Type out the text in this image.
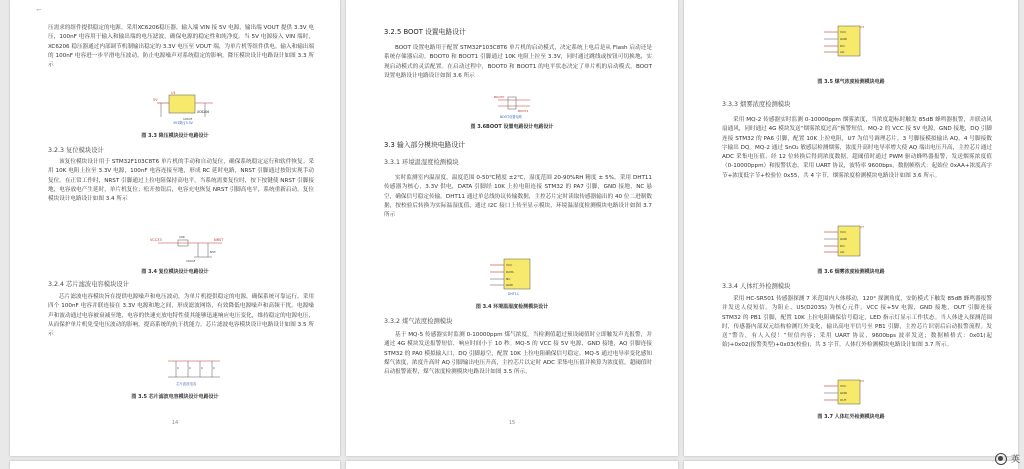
⌐

压需求的组件提供稳定的电源。采用XC6206稳压器，输入端 VIN 接 5V 电源，输出端 VOUT 提供 3.3V 电压，100nF 电容用于输入和输出端的电压滤波，确保电源的稳定性和纯净度。当 5V 电源接入 VIN 端时，XC6206 稳压器通过内部调节机制输出稳定的 3.3V 电压至 VOUT 端，为单片机等组件供电。输入和输出端的 100nF 电容进一步平滑电压波动，防止电源噪声对系统稳定的影响。降压模块设计电路设计如图 3.3 所示

U1
5V
XC6206
100nF
3V3降压3.3V
图 3.3 降压模块设计电路设计
3.2.3 复位模块设计

该复位模块设计用于 STM32F103C8T6 单片机的手动和自动复位，确保系统稳定运行和软件恢复。采用 10K 电阻上拉至 3.3V 电源，100nF 电容连接至地，形成 RC 延时电路，NRST 引脚通过按钮实现手动复位。在正常工作时，NRST 引脚通过上拉电阻保持高电平，当系统需要复位时，按下按键使 NRST 引脚接地，电容放电产生延时，单片机复位；松开按钮后，电容充电恢复 NRST 引脚高电平，系统重新启动。复位模块设计电路设计如图 3.4 所示

VCC33
10K
NRST
100nF
RST
图 3.4 复位模块设计电路设计
3.2.4 芯片滤波电容模块设计

芯片滤波电容模块旨在提供电源噪声和电压波动，为单片机提供稳定的电源，确保系统可靠运行。采用四个 100nF 电容并联连接在 3.3V 电源和地之间，形成滤波网络，有效降低电源噪声和高频干扰。电源噪声和波动通过电容被衰减至地，电容的快速充放电特性使其能够迅速响应电压变化，维持稳定的电源电压，从而保护单片机免受电压波动的影响，提高系统的抗干扰能力。芯片滤波电容模块设计电路设计如图 3.5 所示

C	C	C	C
芯片滤波电容
图 3.5 芯片滤波电容模块设计电路设计
14
3.2.5 BOOT 设置电路设计

BOOT 设置电路用于配置 STM32F103C8T6 单片机的启动模式，决定系统上电后是从 Flash 启动还是系统存储器启动。BOOT0 和 BOOT1 引脚通过 10K 电阻上拉至 3.3V，同时通过跳线或按钮可切换地，实现启动模式的灵活配置。在启动过程中，BOOT0 和 BOOT1 的电平状态决定了单片机的启动模式。BOOT 设置电路设计电路设计如图 3.6 所示

BOOT0
BOOT1
BOOT设置电路
图 3.6BOOT 设置电路设计电路设计
3.3 输入部分模块电路设计
3.3.1 环境温湿度检测模块

实时监测室内温湿度，温度范围 0-50℃精度 ±2℃，湿度范围 20-90%RH 精度 ± 5%。采用 DHT11 传感器为核心，3.3V 供电，DATA 引脚经 10K 上拉电阻连接 STM32 的 PA7 引脚，GND 接地，NC 悬空，确保信号稳定传输。DHT11 通过单总线协议传输数据，主控芯片定时读取传感器输出的 40 位二进制数据，按校验后转换为实际温湿度值，通过 I2C 接口上传至显示模块，环境温湿度检测模块电路设计如图 3.7 所示

VCC
DATA
NC
GND
DHT11
图 3.4 环境温湿度检测模块设计
3.3.2 煤气浓度检测模块

基于 MQ-5 传感器实时监测 0-10000ppm 煤气浓度，当检测值超过预设阈值时立即触发声光报警，并通过 4G 模块发送报警短信，响应时间小于 10 秒。MQ-5 的 VCC 接 5V 电源，GND 接地，AQ 引脚连接 STM32 的 PA0 模拟输入口，DQ 引脚悬空，配置 10K 上拉电阻确保信号稳定。MQ-5 通过电导率变化感知煤气浓度，浓度升高时 AQ 引脚输出电压升高，主控芯片以定时 ADC 采集电压值并换算为浓度值，超阈值时启动报警流程，煤气浓度检测模块电路设计如图 3.5 所示。

15
VCC
GND
DO
AO
U3
图 3.5 煤气浓度检测模块电路
3.3.3 烟雾浓度检测模块

采用 MQ-2 传感器实时监测 0-10000ppm 烟雾浓度，当浓度超标时触发 85dB 蜂鸣器报警，并联动风扇通风，同时通过 4G 模块发送“烟雾浓度过高”预警短信。MQ-2 的 VCC 接 5V 电源，GND 接地，DQ 引脚连接 STM32 的 PA6 引脚，配置 10K 上拉电阻，U7 为信号调理芯片，3 号脚接模拟输出 AQ，4 号脚接数字输出 DQ。MQ-2 通过 SnO₂ 敏感层检测烟雾，浓度升高时电导率增大使 AQ 端出电压升高，主控芯片通过 ADC 采集电压值，经 12 位转换后得到浓度数据，超阈值时通过 PWM 驱动蜂鸣器报警，发送烟雾浓度值（0-10000ppm）和报警状态。采用 UART 协议，波特率 9600bps，数据帧格式：起始位 0xAA+浓度高字节+浓度低字节+校验位 0x55，共 4 字节，烟雾浓度检测模块电路设计如图 3.6 所示。

VCC
GND
DO
AO
U7
图 3.6 烟雾浓度检测模块电路
3.3.4 人体红外检测模块

采用 HC-SR501 传感器探测 7 米范围内人体移动，120° 探测角度，安防模式下触发 85dB 蜂鸣器报警并发送人侵短信。为阻止、U5(D203S) 为核心元件，VCC 接+5V 电源，GND 接地，OUT 引脚连接 STM32 的 PB1 引脚，配置 10K 上拉电阻确保信号稳定，LED 指示灯显示工作状态。当人体进入探测范围时，传感器内部双元结构检测红外变化，输出高电平信号至 PB1 引脚，主控芯片识别后启动报警流程。发送“警告，有人入侵！”短信内容；采用 UART 协议，9600bps 波率发送；数据帧格式：0x01(起始)+0x02(报警类型)+0x03(校验)，共 3 字节。人体红外检测模块电路设计如图 3.7 所示。

VCC
GND
OUT
U5
图 3.7 人体红外检测模块电路
英
